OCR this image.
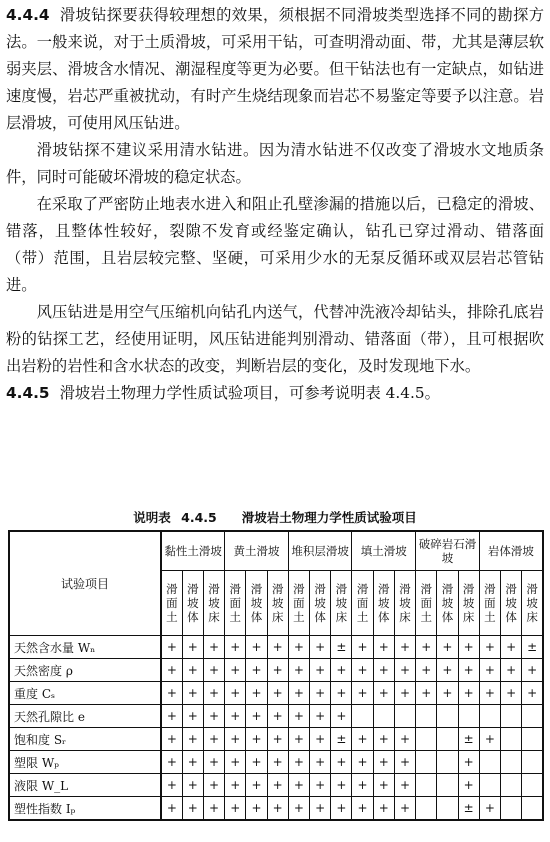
4.4.4 滑坡钻探要获得较理想的效果，须根据不同滑坡类型选择不同的勘探方法。一般来说，对于土质滑坡，可采用干钻，可查明滑动面、带，尤其是薄层软弱夹层、滑坡含水情况、潮湿程度等更为必要。但干钻法也有一定缺点，如钻进速度慢，岩芯严重被扰动，有时产生烧结现象而岩芯不易鉴定等要予以注意。岩层滑坡，可使用风压钻进。

滑坡钻探不建议采用清水钻进。因为清水钻进不仅改变了滑坡水文地质条件，同时可能破坏滑坡的稳定状态。

在采取了严密防止地表水进入和阻止孔壁渗漏的措施以后，已稳定的滑坡、错落，且整体性较好，裂隙不发育或经鉴定确认，钻孔已穿过滑动、错落面（带）范围，且岩层较完整、坚硬，可采用少水的无泵反循环或双层岩芯管钻进。

风压钻进是用空气压缩机向钻孔内送气，代替冲洗液冷却钻头，排除孔底岩粉的钻探工艺，经使用证明，风压钻进能判别滑动、错落面（带），且可根据吹出岩粉的岩性和含水状态的改变，判断岩层的变化，及时发现地下水。

4.4.5 滑坡岩土物理力学性质试验项目，可参考说明表 4.4.5。

说明表 4.4.5　　滑坡岩土物理力学性质试验项目
试验项目	黏性土滑坡			黄土滑坡			堆积层滑坡			填土滑坡			破碎岩石滑坡			岩体滑坡		
	滑面土	滑坡体	滑坡床	滑面土	滑坡体	滑坡床	滑面土	滑坡体	滑坡床	滑面土	滑坡体	滑坡床	滑面土	滑坡体	滑坡床	滑面土	滑坡体	滑坡床
天然含水量 Wₙ	+	+	+	+	+	+	+	+	±	+	+	+	+	+	+	+	+	±
天然密度 ρ	+	+	+	+	+	+	+	+	+	+	+	+	+	+	+	+	+	+
重度 Cₛ	+	+	+	+	+	+	+	+	+	+	+	+	+	+	+	+	+	+
天然孔隙比 e	+	+	+	+	+	+	+	+	+									
饱和度 Sᵣ	+	+	+	+	+	+	+	+	±	+	+	+			±	+		
塑限 Wₚ	+	+	+	+	+	+	+	+	+	+	+	+			+			
液限 W_L	+	+	+	+	+	+	+	+	+	+	+	+			+			
塑性指数 Iₚ	+	+	+	+	+	+	+	+	+	+	+	+			±	+		
